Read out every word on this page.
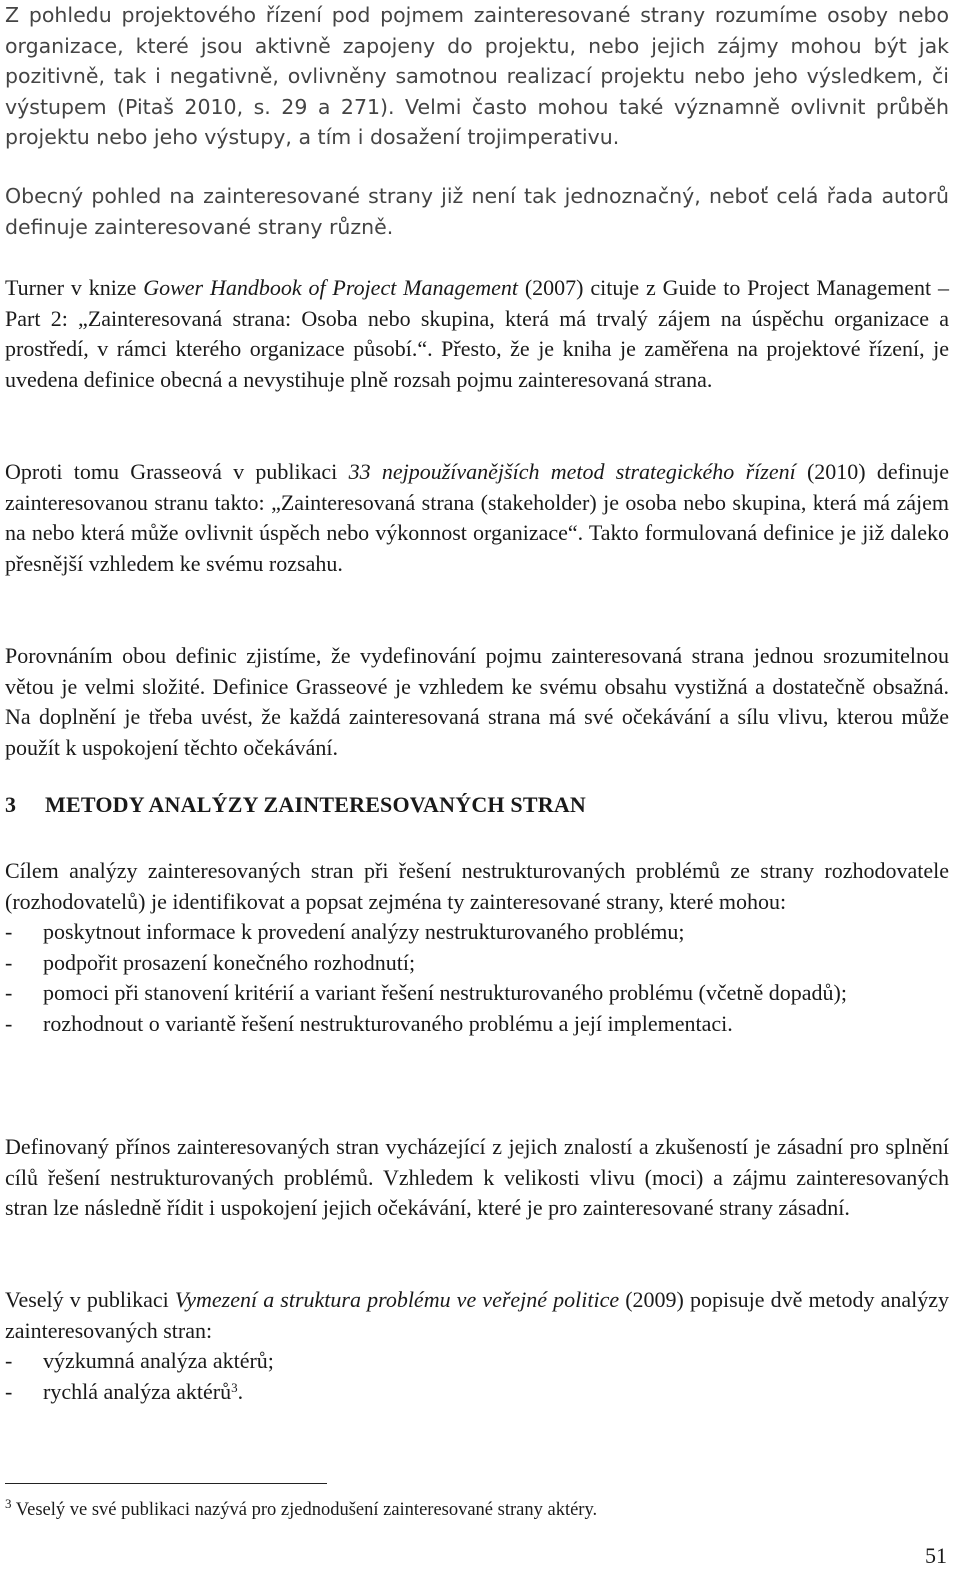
Z pohledu projektového řízení pod pojmem zainteresované strany rozumíme osoby nebo organizace, které jsou aktivně zapojeny do projektu, nebo jejich zájmy mohou být jak pozitivně, tak i negativně, ovlivněny samotnou realizací projektu nebo jeho výsledkem, či výstupem (Pitaš 2010, s. 29 a 271). Velmi často mohou také významně ovlivnit průběh projektu nebo jeho výstupy, a tím i dosažení trojimperativu.

Obecný pohled na zainteresované strany již není tak jednoznačný, neboť celá řada autorů definuje zainteresované strany různě.

Turner v knize Gower Handbook of Project Management (2007) cituje z Guide to Project Management – Part 2: „Zainteresovaná strana: Osoba nebo skupina, která má trvalý zájem na úspěchu organizace a prostředí, v rámci kterého organizace působí.“. Přesto, že je kniha je zaměřena na projektové řízení, je uvedena definice obecná a nevystihuje plně rozsah pojmu zainteresovaná strana.

Oproti tomu Grasseová v publikaci 33 nejpoužívanějších metod strategického řízení (2010) definuje zainteresovanou stranu takto: „Zainteresovaná strana (stakeholder) je osoba nebo skupina, která má zájem na nebo která může ovlivnit úspěch nebo výkonnost organizace“. Takto formulovaná definice je již daleko přesnější vzhledem ke svému rozsahu.

Porovnáním obou definic zjistíme, že vydefinování pojmu zainteresovaná strana jednou srozumitelnou větou je velmi složité. Definice Grasseové je vzhledem ke svému obsahu vystižná a dostatečně obsažná. Na doplnění je třeba uvést, že každá zainteresovaná strana má své očekávání a sílu vlivu, kterou může použít k uspokojení těchto očekávání.

3 METODY ANALÝZY ZAINTERESOVANÝCH STRAN

Cílem analýzy zainteresovaných stran při řešení nestrukturovaných problémů ze strany rozhodovatele (rozhodovatelů) je identifikovat a popsat zejména ty zainteresované strany, které mohou:

- poskytnout informace k provedení analýzy nestrukturovaného problému;
- podpořit prosazení konečného rozhodnutí;
- pomoci při stanovení kritérií a variant řešení nestrukturovaného problému (včetně dopadů);
- rozhodnout o variantě řešení nestrukturovaného problému a její implementaci.

Definovaný přínos zainteresovaných stran vycházející z jejich znalostí a zkušeností je zásadní pro splnění cílů řešení nestrukturovaných problémů. Vzhledem k velikosti vlivu (moci) a zájmu zainteresovaných stran lze následně řídit i uspokojení jejich očekávání, které je pro zainteresované strany zásadní.

Veselý v publikaci Vymezení a struktura problému ve veřejné politice (2009) popisuje dvě metody analýzy zainteresovaných stran:

- výzkumná analýza aktérů;
- rychlá analýza aktérů$^3$.

$^3$ Veselý ve své publikaci nazývá pro zjednodušení zainteresované strany aktéry.

51
